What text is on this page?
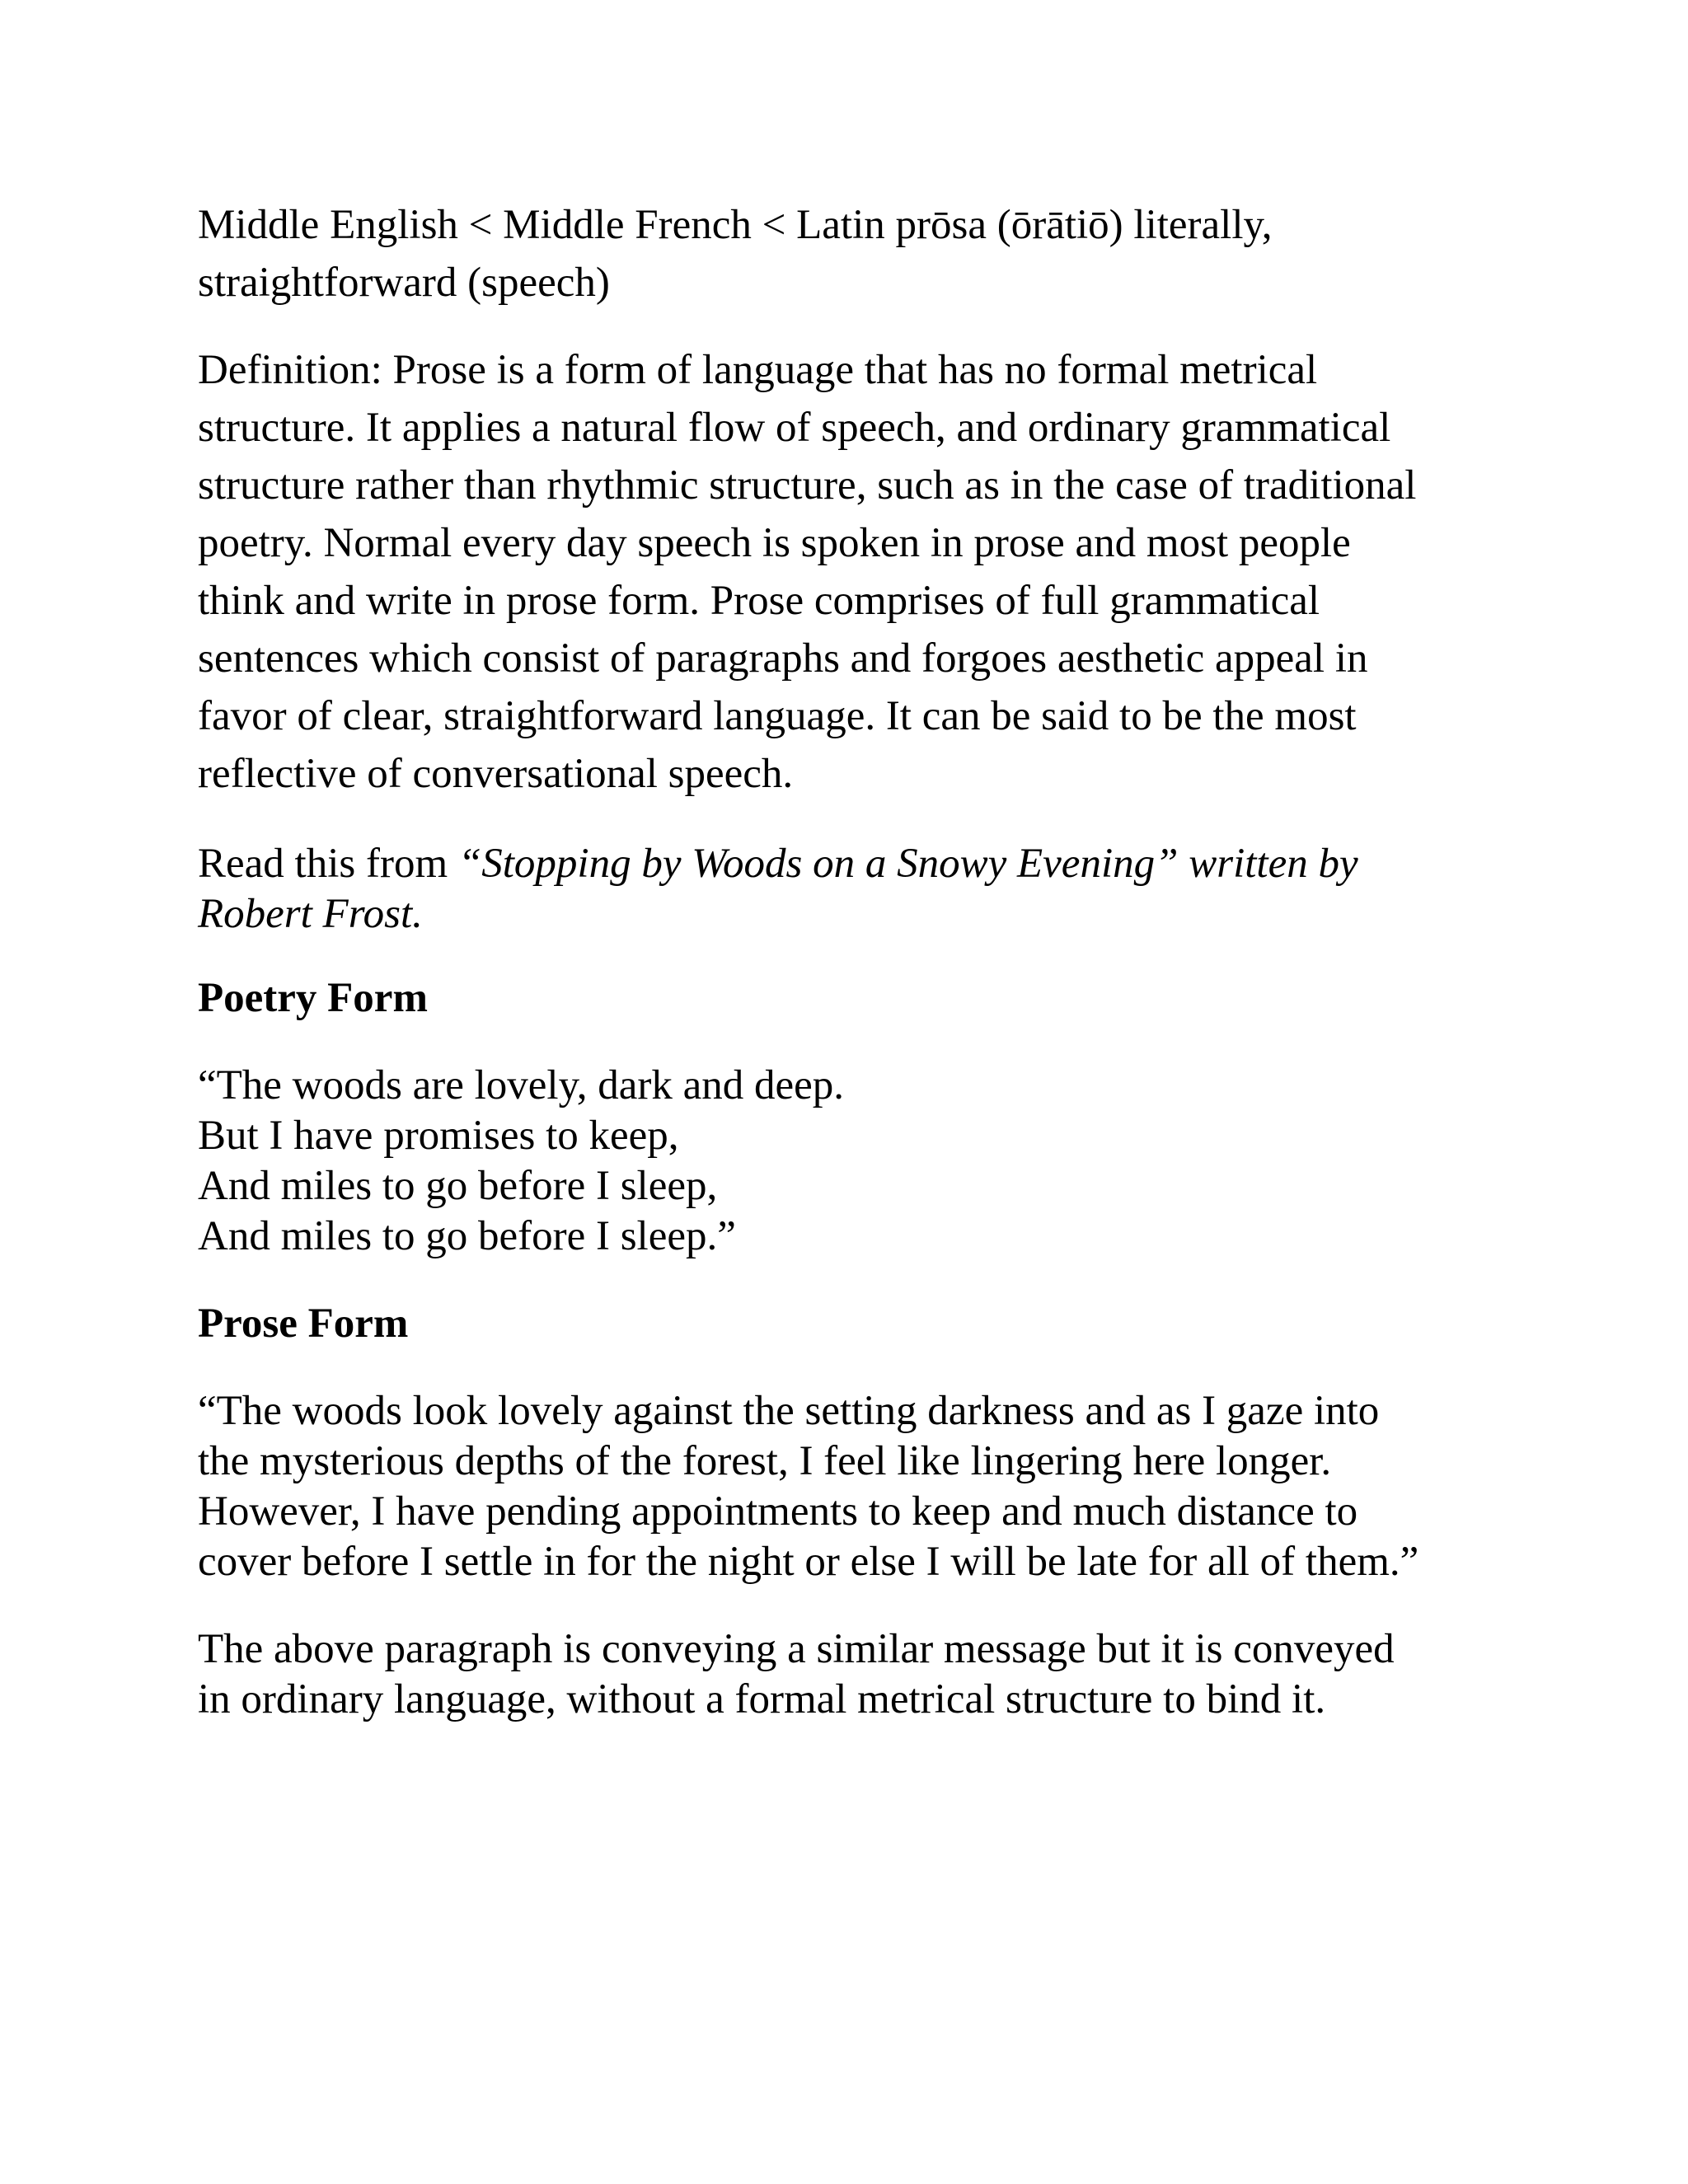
Middle English < Middle French < Latin prōsa (ōrātiō) literally,
straightforward (speech)

Definition: Prose is a form of language that has no formal metrical
structure. It applies a natural flow of speech, and ordinary grammatical
structure rather than rhythmic structure, such as in the case of traditional
poetry. Normal every day speech is spoken in prose and most people
think and write in prose form. Prose comprises of full grammatical
sentences which consist of paragraphs and forgoes aesthetic appeal in
favor of clear, straightforward language. It can be said to be the most
reflective of conversational speech.

Read this from “Stopping by Woods on a Snowy Evening” written by
Robert Frost.

Poetry Form

“The woods are lovely, dark and deep.
But I have promises to keep,
And miles to go before I sleep,
And miles to go before I sleep.”

Prose Form

“The woods look lovely against the setting darkness and as I gaze into
the mysterious depths of the forest, I feel like lingering here longer.
However, I have pending appointments to keep and much distance to
cover before I settle in for the night or else I will be late for all of them.”

The above paragraph is conveying a similar message but it is conveyed
in ordinary language, without a formal metrical structure to bind it.
